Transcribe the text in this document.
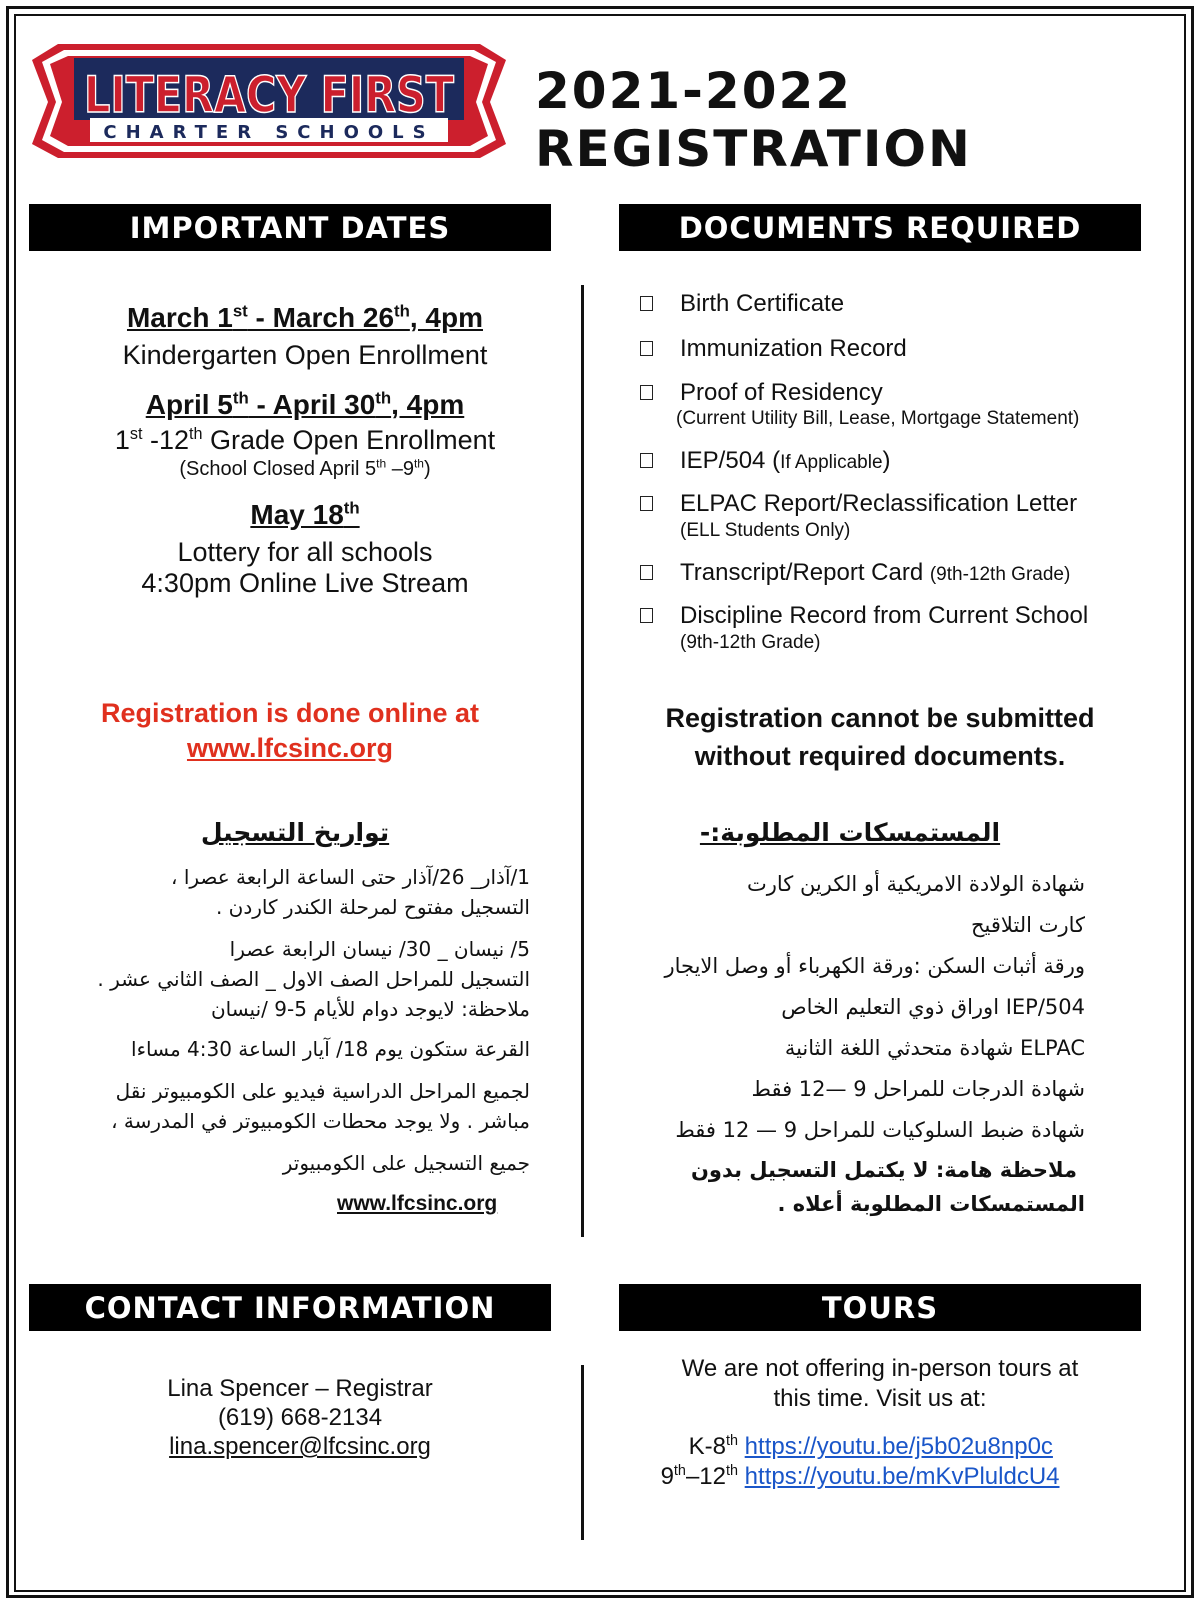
LITERACY FIRST
CHARTER SCHOOLS
2021-2022 REGISTRATION
IMPORTANT DATES	DOCUMENTS REQUIRED
CONTACT INFORMATION	TOURS
March 1st - March 26th, 4pm
Kindergarten Open Enrollment
April 5th - April 30th, 4pm
1st -12th Grade Open Enrollment
(School Closed April 5th –9th)
May 18th
Lottery for all schools
4:30pm Online Live Stream
Registration is done online at
www.lfcsinc.org
تواريخ التسجيل
1/آذار_ 26/آذار حتى الساعة الرابعة عصرا ،
التسجيل مفتوح لمرحلة الكندر كاردن .
5/ نيسان _ 30/ نيسان الرابعة عصرا
التسجيل للمراحل الصف الاول _ الصف الثاني عشر .
ملاحظة: لايوجد دوام للأيام 5-9 /نيسان
القرعة ستكون يوم 18/ آيار الساعة 4:30 مساءا
لجميع المراحل الدراسية فيديو على الكومبيوتر نقل
مباشر . ولا يوجد محطات الكومبيوتر في المدرسة ،
جميع التسجيل على الكومبيوتر
www.lfcsinc.org
Birth Certificate
Immunization Record
Proof of Residency
(Current Utility Bill, Lease, Mortgage Statement)
IEP/504 (If Applicable)
ELPAC Report/Reclassification Letter
(ELL Students Only)
Transcript/Report Card (9th-12th Grade)
Discipline Record from Current School
(9th-12th Grade)
Registration cannot be submitted
without required documents.
المستمسكات المطلوبة:-
شهادة الولادة الامريكية أو الكرين كارت
كارت التلاقيح
ورقة أثبات السكن :ورقة الكهرباء أو وصل الايجار
IEP/504 اوراق ذوي التعليم الخاص
ELPAC شهادة متحدثي اللغة الثانية
شهادة الدرجات للمراحل 9 —12 فقط
شهادة ضبط السلوكيات للمراحل 9 — 12 فقط
ملاحظة هامة: لا يكتمل التسجيل بدون
المستمسكات المطلوبة أعلاه .
Lina Spencer – Registrar
(619) 668-2134
lina.spencer@lfcsinc.org
We are not offering in-person tours at
this time. Visit us at:
K-8th https://youtu.be/j5b02u8np0c
9th–12th https://youtu.be/mKvPluldcU4
